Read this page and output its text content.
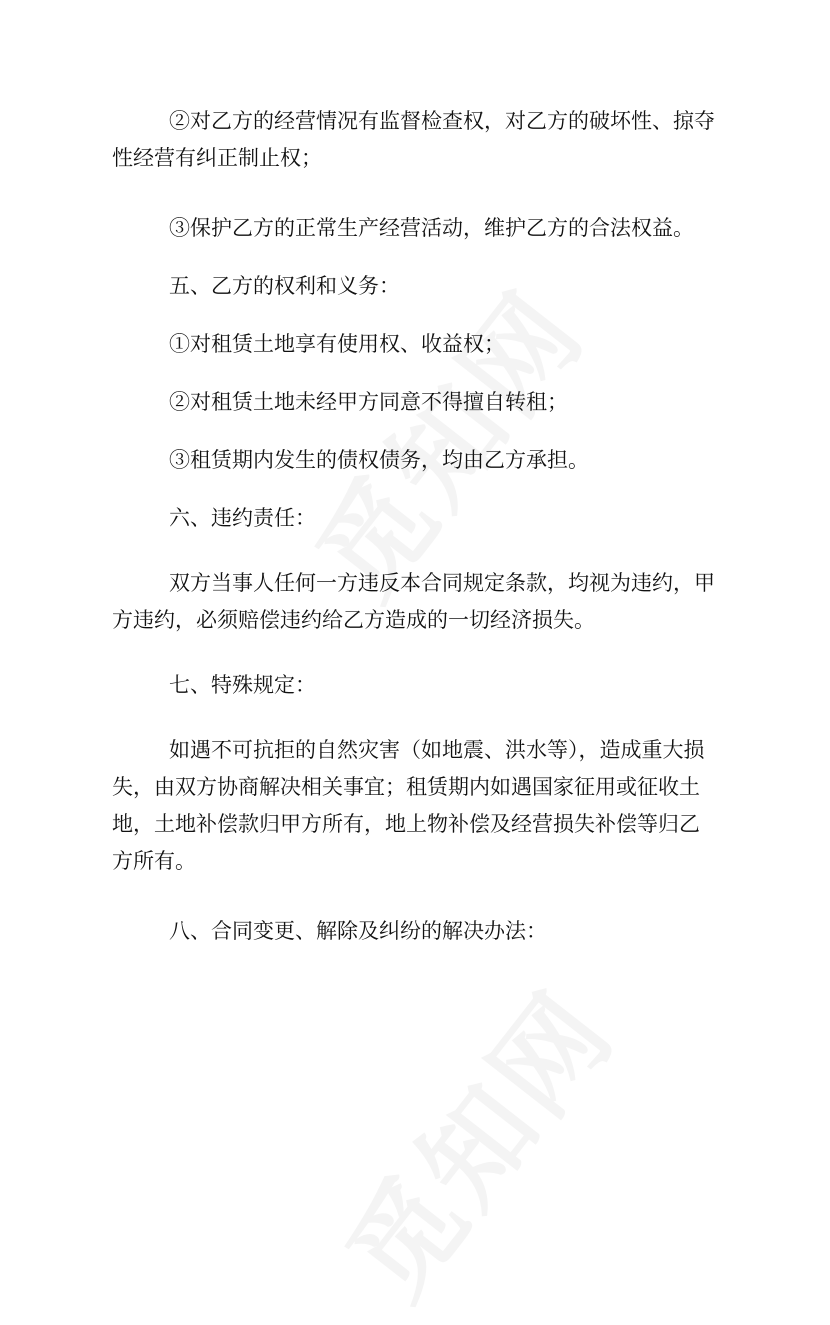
②对乙方的经营情况有监督检查权，对乙方的破坏性、掠夺性经营有纠正制止权；

③保护乙方的正常生产经营活动，维护乙方的合法权益。

五、乙方的权利和义务：

①对租赁土地享有使用权、收益权；

②对租赁土地未经甲方同意不得擅自转租；

③租赁期内发生的债权债务，均由乙方承担。

六、违约责任：

双方当事人任何一方违反本合同规定条款，均视为违约，甲方违约，必须赔偿违约给乙方造成的一切经济损失。

七、特殊规定：

如遇不可抗拒的自然灾害（如地震、洪水等），造成重大损失，由双方协商解决相关事宜；租赁期内如遇国家征用或征收土地，土地补偿款归甲方所有，地上物补偿及经营损失补偿等归乙方所有。

八、合同变更、解除及纠纷的解决办法：
